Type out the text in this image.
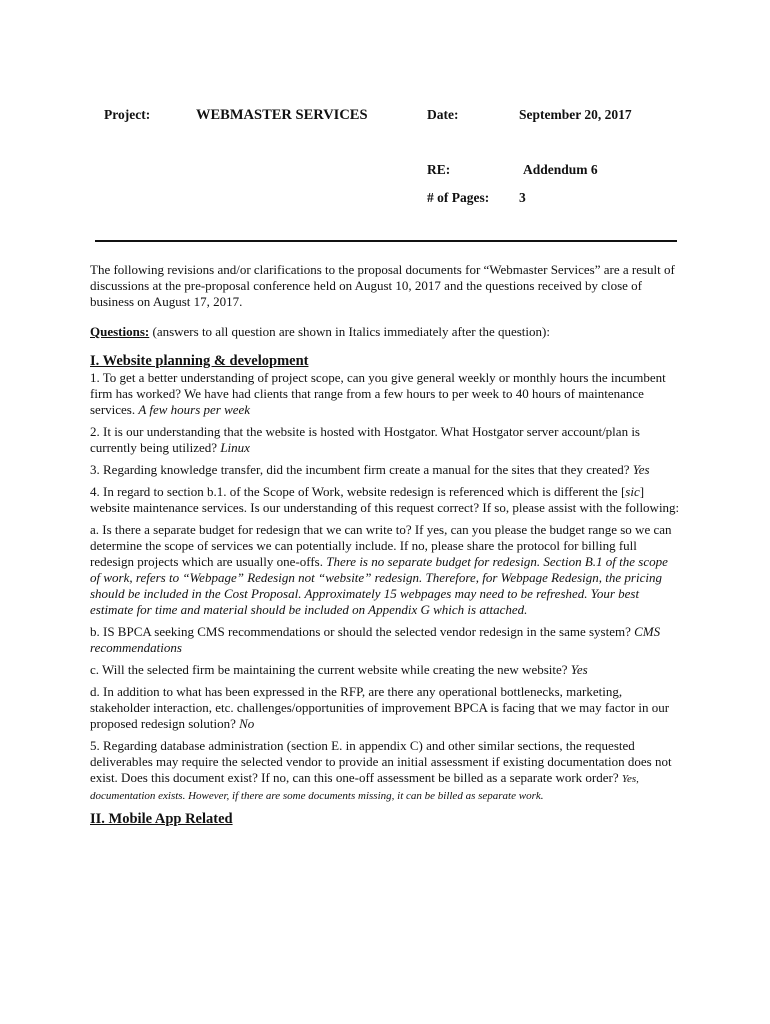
Project:	WEBMASTER SERVICES	Date:	September 20, 2017
RE:	Addendum 6
# of Pages: 3

The following revisions and/or clarifications to the proposal documents for “Webmaster Services” are a result of discussions at the pre-proposal conference held on August 10, 2017 and the questions received by close of business on August 17, 2017.

Questions: (answers to all question are shown in Italics immediately after the question):

I. Website planning & development

1. To get a better understanding of project scope, can you give general weekly or monthly hours the incumbent firm has worked? We have had clients that range from a few hours to per week to 40 hours of maintenance services. A few hours per week

2. It is our understanding that the website is hosted with Hostgator. What Hostgator server account/plan is currently being utilized? Linux

3. Regarding knowledge transfer, did the incumbent firm create a manual for the sites that they created? Yes

4. In regard to section b.1. of the Scope of Work, website redesign is referenced which is different the [sic] website maintenance services. Is our understanding of this request correct? If so, please assist with the following:

a. Is there a separate budget for redesign that we can write to? If yes, can you please the budget range so we can determine the scope of services we can potentially include. If no, please share the protocol for billing full redesign projects which are usually one-offs. There is no separate budget for redesign. Section B.1 of the scope of work, refers to “Webpage” Redesign not “website” redesign. Therefore, for Webpage Redesign, the pricing should be included in the Cost Proposal. Approximately 15 webpages may need to be refreshed. Your best estimate for time and material should be included on Appendix G which is attached.

b. IS BPCA seeking CMS recommendations or should the selected vendor redesign in the same system? CMS recommendations

c. Will the selected firm be maintaining the current website while creating the new website? Yes

d. In addition to what has been expressed in the RFP, are there any operational bottlenecks, marketing, stakeholder interaction, etc. challenges/opportunities of improvement BPCA is facing that we may factor in our proposed redesign solution? No

5. Regarding database administration (section E. in appendix C) and other similar sections, the requested deliverables may require the selected vendor to provide an initial assessment if existing documentation does not exist. Does this document exist? If no, can this one-off assessment be billed as a separate work order? Yes, documentation exists. However, if there are some documents missing, it can be billed as separate work.

II. Mobile App Related
